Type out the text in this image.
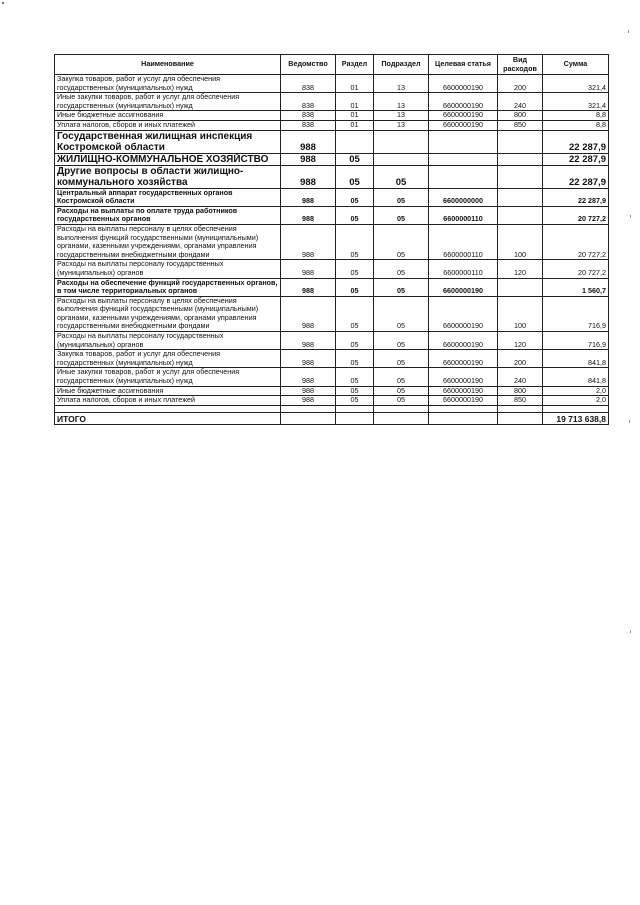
Наименование	Ведомство	Раздел	Подраздел	Целевая статья	Вид расходов	Сумма
Закупка товаров, работ и услуг для обеспечения государственных (муниципальных) нужд	838	01	13	6600000190	200	321,4
Иные закупки товаров, работ и услуг для обеспечения государственных (муниципальных) нужд	838	01	13	6600000190	240	321,4
Иные бюджетные ассигнования	838	01	13	6600000190	800	8,8
Уплата налогов, сборов и иных платежей	838	01	13	6600000190	850	8,8
Государственная жилищная инспекция Костромской области	988					22 287,9
ЖИЛИЩНО-КОММУНАЛЬНОЕ ХОЗЯЙСТВО	988	05				22 287,9
Другие вопросы в области жилищно-коммунального хозяйства	988	05	05			22 287,9
Центральный аппарат государственных органов Костромской области	988	05	05	6600000000		22 287,9
Расходы на выплаты по оплате труда работников государственных органов	988	05	05	6600000110		20 727,2
Расходы на выплаты персоналу в целях обеспечения выполнения функций государственными (муниципальными) органами, казенными учреждениями, органами управления государственными внебюджетными фондами	988	05	05	6600000110	100	20 727,2
Расходы на выплаты персоналу государственных (муниципальных) органов	988	05	05	6600000110	120	20 727,2
Расходы на обеспечение функций государственных органов, в том числе территориальных органов	988	05	05	6600000190		1 560,7
Расходы на выплаты персоналу в целях обеспечения выполнения функций государственными (муниципальными) органами, казенными учреждениями, органами управления государственными внебюджетными фондами	988	05	05	6600000190	100	716,9
Расходы на выплаты персоналу государственных (муниципальных) органов	988	05	05	6600000190	120	716,9
Закупка товаров, работ и услуг для обеспечения государственных (муниципальных) нужд	988	05	05	6600000190	200	841,8
Иные закупки товаров, работ и услуг для обеспечения государственных (муниципальных) нужд	988	05	05	6600000190	240	841,8
Иные бюджетные ассигнования	988	05	05	6600000190	800	2,0
Уплата налогов, сборов и иных платежей	988	05	05	6600000190	850	2,0

ИТОГО						19 713 638,8
